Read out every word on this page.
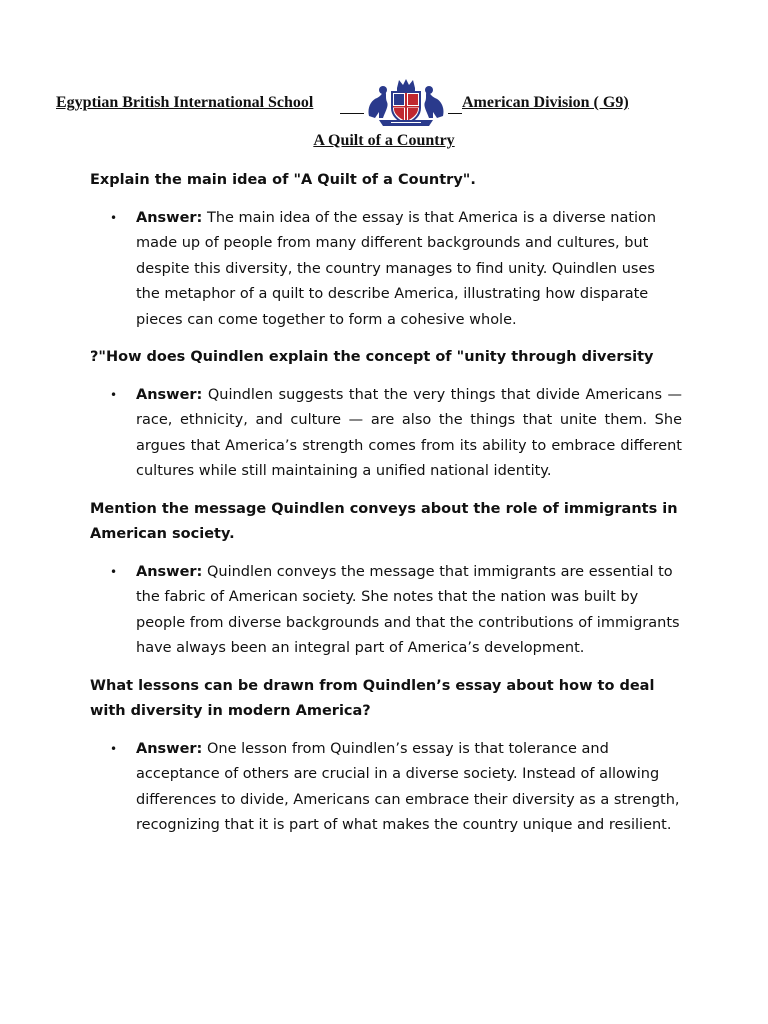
Egyptian British International School	American Division ( G9)
A Quilt of a Country

Explain the main idea of "A Quilt of a Country".

• Answer: The main idea of the essay is that America is a diverse nation made up of people from many different backgrounds and cultures, but despite this diversity, the country manages to find unity. Quindlen uses the metaphor of a quilt to describe America, illustrating how disparate pieces can come together to form a cohesive whole.

?"How does Quindlen explain the concept of "unity through diversity

• Answer: Quindlen suggests that the very things that divide Americans — race, ethnicity, and culture — are also the things that unite them. She argues that America’s strength comes from its ability to embrace different cultures while still maintaining a unified national identity.

Mention the message Quindlen conveys about the role of immigrants in American society.

• Answer: Quindlen conveys the message that immigrants are essential to the fabric of American society. She notes that the nation was built by people from diverse backgrounds and that the contributions of immigrants have always been an integral part of America’s development.

What lessons can be drawn from Quindlen’s essay about how to deal with diversity in modern America?

• Answer: One lesson from Quindlen’s essay is that tolerance and acceptance of others are crucial in a diverse society. Instead of allowing differences to divide, Americans can embrace their diversity as a strength, recognizing that it is part of what makes the country unique and resilient.
